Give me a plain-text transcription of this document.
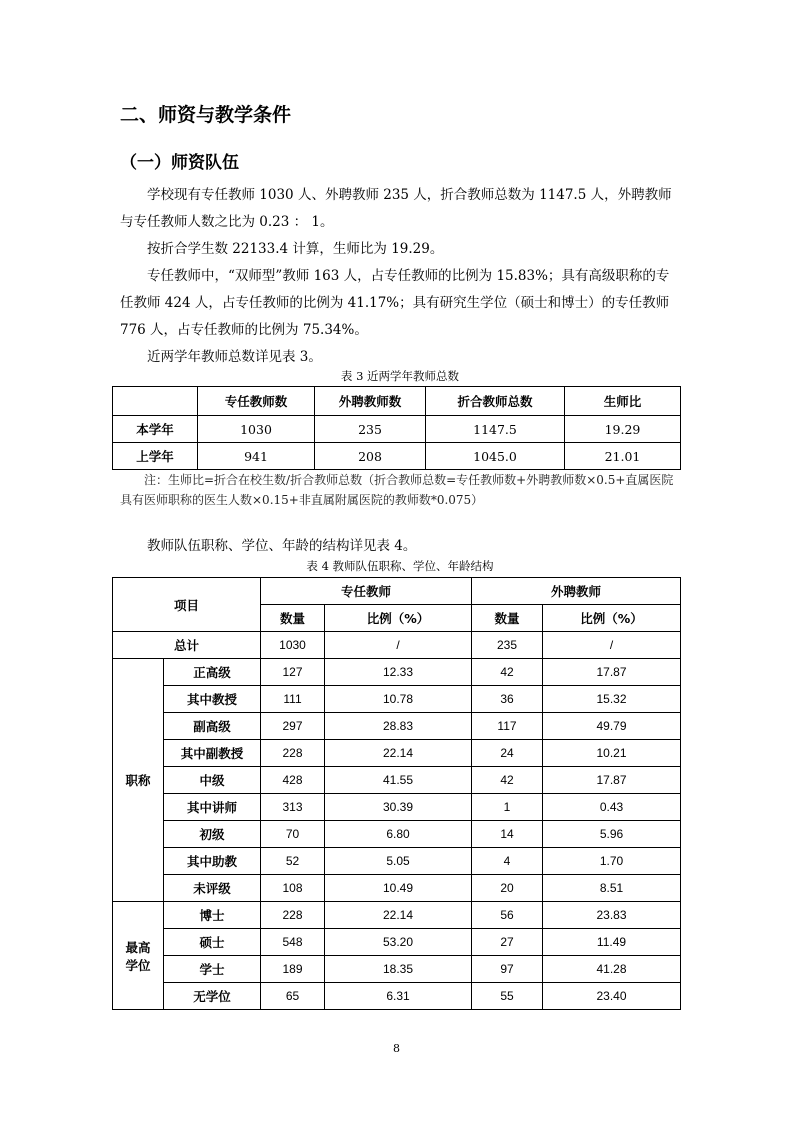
二、师资与教学条件
（一）师资队伍
学校现有专任教师 1030 人、外聘教师 235 人，折合教师总数为 1147.5 人，外聘教师与专任教师人数之比为 0.23 ： 1。
按折合学生数 22133.4 计算，生师比为 19.29。
专任教师中，“双师型”教师 163 人，占专任教师的比例为 15.83%；具有高级职称的专任教师 424 人，占专任教师的比例为 41.17%；具有研究生学位（硕士和博士）的专任教师 776 人，占专任教师的比例为 75.34%。
近两学年教师总数详见表 3。
表 3 近两学年教师总数
	专任教师数	外聘教师数	折合教师总数	生师比
本学年	1030	235	1147.5	19.29
上学年	941	208	1045.0	21.01
注：生师比=折合在校生数/折合教师总数（折合教师总数=专任教师数+外聘教师数×0.5+直属医院具有医师职称的医生人数×0.15+非直属附属医院的教师数*0.075）
教师队伍职称、学位、年龄的结构详见表 4。
表 4 教师队伍职称、学位、年龄结构
项目		专任教师		外聘教师	
		数量	比例（%）	数量	比例（%）
总计		1030	/	235	/
职称	正高级	127	12.33	42	17.87
	其中教授	111	10.78	36	15.32
	副高级	297	28.83	117	49.79
	其中副教授	228	22.14	24	10.21
	中级	428	41.55	42	17.87
	其中讲师	313	30.39	1	0.43
	初级	70	6.80	14	5.96
	其中助教	52	5.05	4	1.70
	未评级	108	10.49	20	8.51
最高学位	博士	228	22.14	56	23.83
	硕士	548	53.20	27	11.49
	学士	189	18.35	97	41.28
	无学位	65	6.31	55	23.40
8
